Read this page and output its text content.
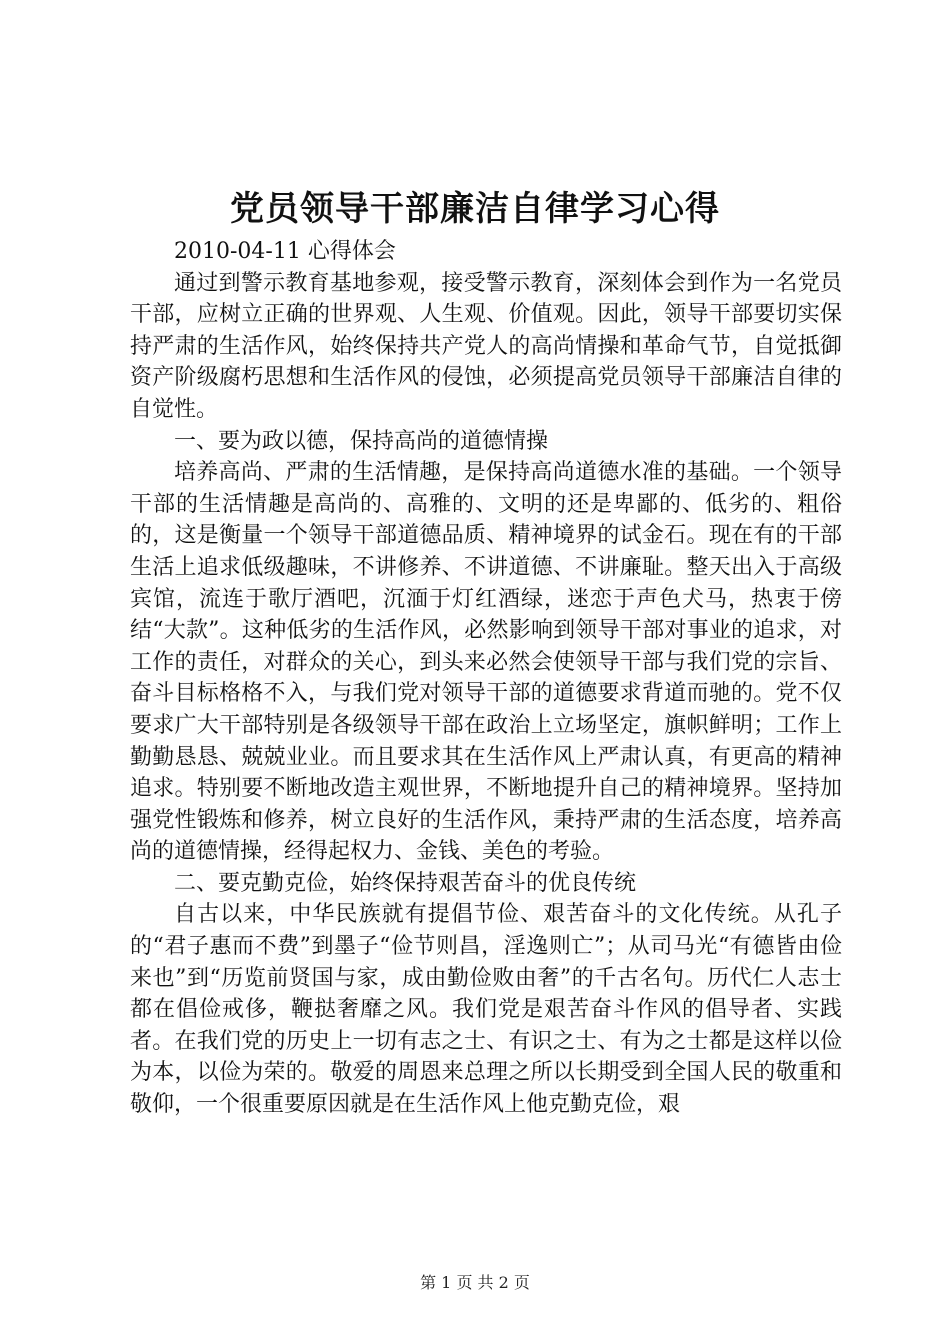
党员领导干部廉洁自律学习心得

2010-04-11 心得体会

通过到警示教育基地参观，接受警示教育，深刻体会到作为一名党员干部，应树立正确的世界观、人生观、价值观。因此，领导干部要切实保持严肃的生活作风，始终保持共产党人的高尚情操和革命气节，自觉抵御资产阶级腐朽思想和生活作风的侵蚀，必须提高党员领导干部廉洁自律的自觉性。

一、要为政以德，保持高尚的道德情操

培养高尚、严肃的生活情趣，是保持高尚道德水准的基础。一个领导干部的生活情趣是高尚的、高雅的、文明的还是卑鄙的、低劣的、粗俗的，这是衡量一个领导干部道德品质、精神境界的试金石。现在有的干部生活上追求低级趣味，不讲修养、不讲道德、不讲廉耻。整天出入于高级宾馆，流连于歌厅酒吧，沉湎于灯红酒绿，迷恋于声色犬马，热衷于傍结“大款”。这种低劣的生活作风，必然影响到领导干部对事业的追求，对工作的责任，对群众的关心，到头来必然会使领导干部与我们党的宗旨、奋斗目标格格不入，与我们党对领导干部的道德要求背道而驰的。党不仅要求广大干部特别是各级领导干部在政治上立场坚定，旗帜鲜明；工作上勤勤恳恳、兢兢业业。而且要求其在生活作风上严肃认真，有更高的精神追求。特别要不断地改造主观世界，不断地提升自己的精神境界。坚持加强党性锻炼和修养，树立良好的生活作风，秉持严肃的生活态度，培养高尚的道德情操，经得起权力、金钱、美色的考验。

二、要克勤克俭，始终保持艰苦奋斗的优良传统

自古以来，中华民族就有提倡节俭、艰苦奋斗的文化传统。从孔子的“君子惠而不费”到墨子“俭节则昌，淫逸则亡”；从司马光“有德皆由俭来也”到“历览前贤国与家，成由勤俭败由奢”的千古名句。历代仁人志士都在倡俭戒侈，鞭挞奢靡之风。我们党是艰苦奋斗作风的倡导者、实践者。在我们党的历史上一切有志之士、有识之士、有为之士都是这样以俭为本，以俭为荣的。敬爱的周恩来总理之所以长期受到全国人民的敬重和敬仰，一个很重要原因就是在生活作风上他克勤克俭，艰

第 1 页 共 2 页
